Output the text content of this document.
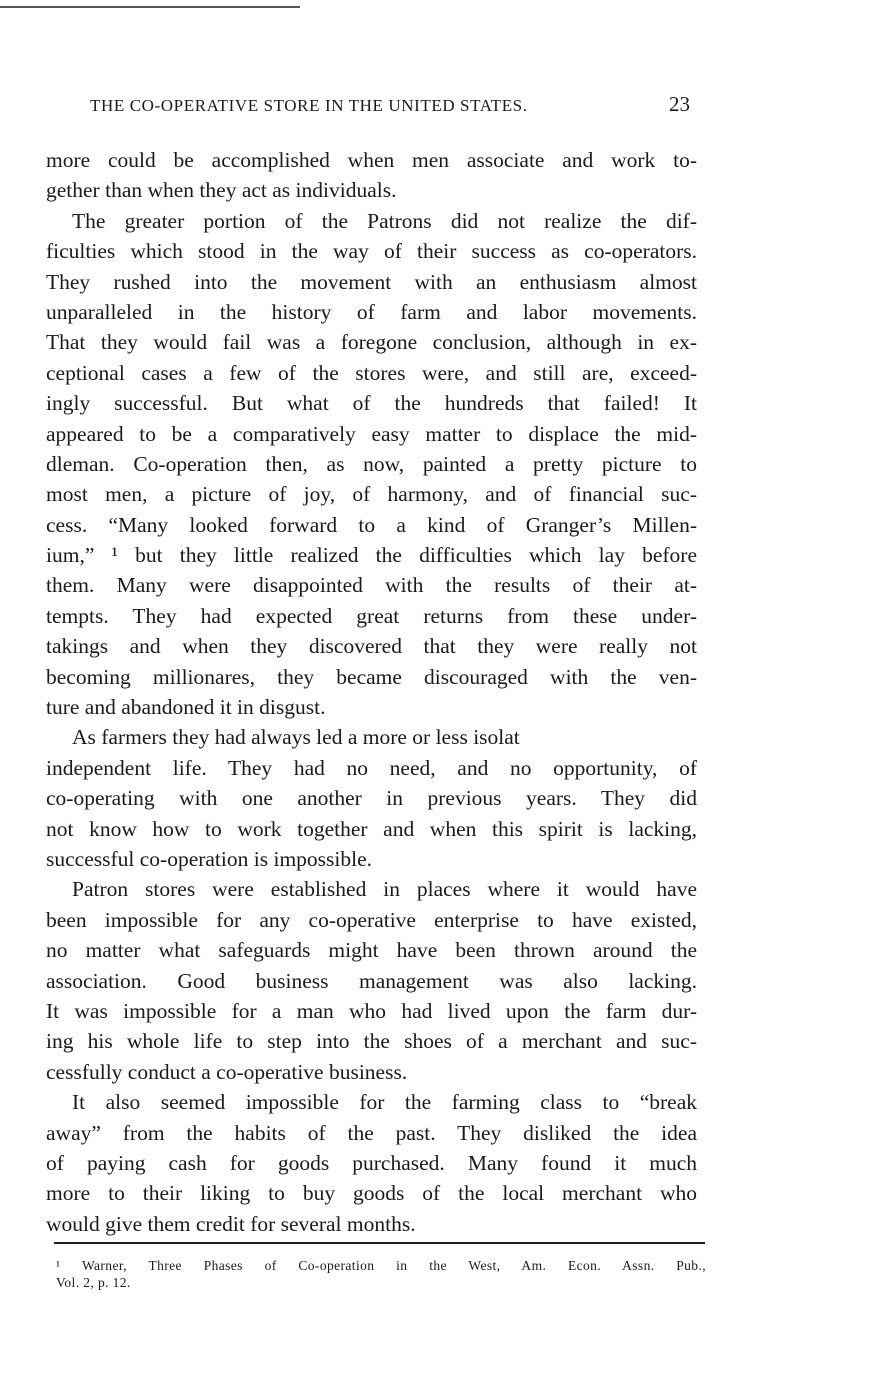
THE CO-OPERATIVE STORE IN THE UNITED STATES.	23
more could be accomplished when men associate and work to-
gether than when they act as individuals.
The greater portion of the Patrons did not realize the dif-
ficulties which stood in the way of their success as co-operators.
They rushed into the movement with an enthusiasm almost
unparalleled in the history of farm and labor movements.
That they would fail was a foregone conclusion, although in ex-
ceptional cases a few of the stores were, and still are, exceed-
ingly successful. But what of the hundreds that failed! It
appeared to be a comparatively easy matter to displace the mid-
dleman. Co-operation then, as now, painted a pretty picture to
most men, a picture of joy, of harmony, and of financial suc-
cess. “Many looked forward to a kind of Granger’s Millen-
ium,” ¹ but they little realized the difficulties which lay before
them. Many were disappointed with the results of their at-
tempts. They had expected great returns from these under-
takings and when they discovered that they were really not
becoming millionares, they became discouraged with the ven-
ture and abandoned it in disgust.
As farmers they had always led a more or less isolat
independent life. They had no need, and no opportunity, of
co-operating with one another in previous years. They did
not know how to work together and when this spirit is lacking,
successful co-operation is impossible.
Patron stores were established in places where it would have
been impossible for any co-operative enterprise to have existed,
no matter what safeguards might have been thrown around the
association. Good business management was also lacking.
It was impossible for a man who had lived upon the farm dur-
ing his whole life to step into the shoes of a merchant and suc-
cessfully conduct a co-operative business.
It also seemed impossible for the farming class to “break
away” from the habits of the past. They disliked the idea
of paying cash for goods purchased. Many found it much
more to their liking to buy goods of the local merchant who
would give them credit for several months.
¹ Warner, Three Phases of Co-operation in the West, Am. Econ. Assn. Pub.,
Vol. 2, p. 12.
